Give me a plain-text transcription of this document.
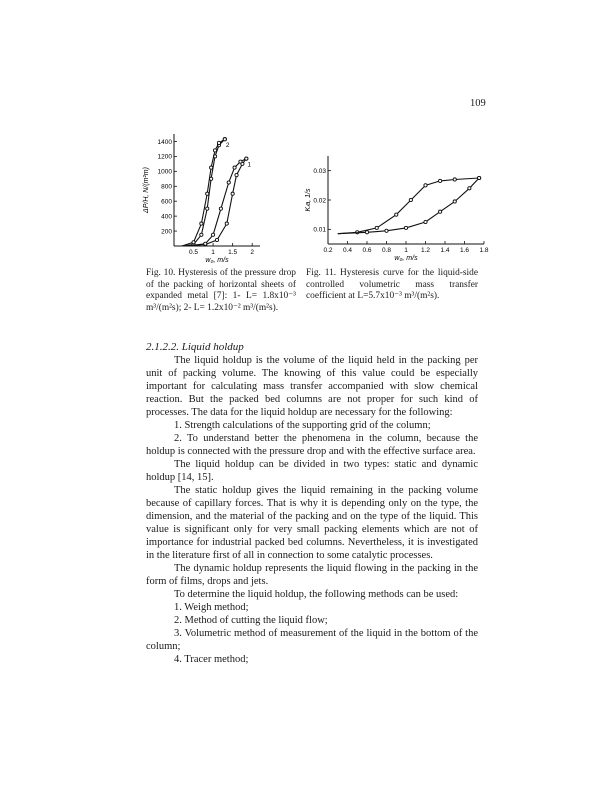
109
0.5 1 1.5 2
200
400
600
800
1000
1200
1400
w₀, m/s
ΔP/H, N/(m²m)
2
1
Fig. 10. Hysteresis of the pressure drop of the packing of horizontal sheets of expanded metal [7]: 1- L= 1.8x10⁻³ m³/(m²s); 2- L= 1.2x10⁻² m³/(m²s).
0.2 0.4 0.6 0.8 1 1.2 1.4 1.6 1.8
0.01
0.02
0.03
w₀, m/s
Kₗa, 1/s
Fig. 11. Hysteresis curve for the liquid-side controlled volumetric mass transfer coefficient at L=5.7x10⁻³ m³/(m²s).
2.1.2.2. Liquid holdup

The liquid holdup is the volume of the liquid held in the packing per unit of packing volume. The knowing of this value could be especially important for calculating mass transfer accompanied with slow chemical reaction. But the packed bed columns are not proper for such kind of processes. The data for the liquid holdup are necessary for the following:

1. Strength calculations of the supporting grid of the column;

2. To understand better the phenomena in the column, because the holdup is connected with the pressure drop and with the effective surface area.

The liquid holdup can be divided in two types: static and dynamic holdup [14, 15].

The static holdup gives the liquid remaining in the packing volume because of capillary forces. That is why it is depending only on the type, the dimension, and the material of the packing and on the type of the liquid. This value is significant only for very small packing elements which are not of importance for industrial packed bed columns. Nevertheless, it is investigated in the literature first of all in connection to some catalytic processes.

The dynamic holdup represents the liquid flowing in the packing in the form of films, drops and jets.

To determine the liquid holdup, the following methods can be used:

1. Weigh method;

2. Method of cutting the liquid flow;

3. Volumetric method of measurement of the liquid in the bottom of the column;

4. Tracer method;
